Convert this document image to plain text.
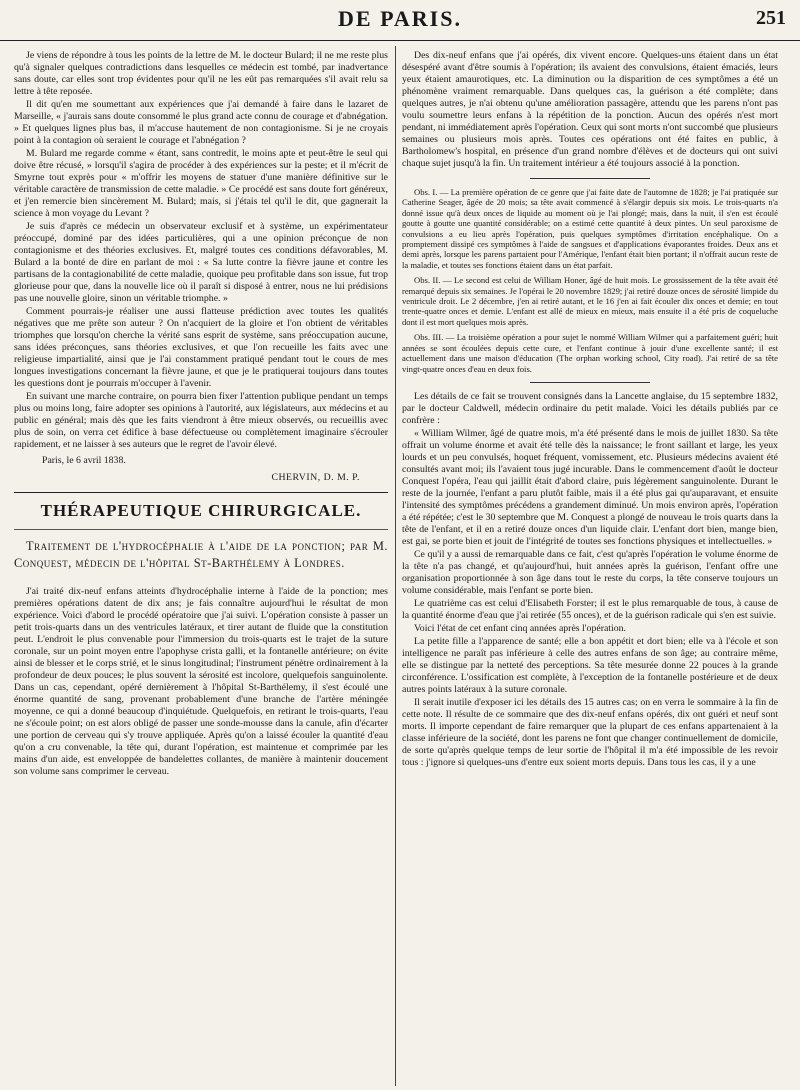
DE PARIS.	251

Je viens de répondre à tous les points de la lettre de M. le docteur Bulard; il ne me reste plus qu'à signaler quelques contradictions dans lesquelles ce médecin est tombé, par inadvertance sans doute, car elles sont trop évidentes pour qu'il ne les eût pas remarquées s'il avait relu sa lettre à tête reposée.

Il dit qu'en me soumettant aux expériences que j'ai demandé à faire dans le lazaret de Marseille, « j'aurais sans doute consommé le plus grand acte connu de courage et d'abnégation. » Et quelques lignes plus bas, il m'accuse hautement de non contagionisme. Si je ne croyais point à la contagion où seraient le courage et l'abnégation ?

M. Bulard me regarde comme « étant, sans contredit, le moins apte et peut-être le seul qui doive être récusé, » lorsqu'il s'agira de procéder à des expériences sur la peste; et il m'écrit de Smyrne tout exprès pour « m'offrir les moyens de statuer d'une manière définitive sur le véritable caractère de transmission de cette maladie. » Ce procédé est sans doute fort généreux, et j'en remercie bien sincèrement M. Bulard; mais, si j'étais tel qu'il le dit, que gagnerait la science à mon voyage du Levant ?

Je suis d'après ce médecin un observateur exclusif et à système, un expérimentateur préoccupé, dominé par des idées particulières, qui a une opinion préconçue de non contagionisme et des théories exclusives. Et, malgré toutes ces conditions défavorables, M. Bulard a la bonté de dire en parlant de moi : « Sa lutte contre la fièvre jaune et contre les partisans de la contagionabilité de cette maladie, quoique peu profitable dans son issue, fut trop glorieuse pour que, dans la nouvelle lice où il paraît si disposé à entrer, nous ne lui prédisions pas une nouvelle gloire, sinon un véritable triomphe. »

Comment pourrais-je réaliser une aussi flatteuse prédiction avec toutes les qualités négatives que me prête son auteur ? On n'acquiert de la gloire et l'on obtient de véritables triomphes que lorsqu'on cherche la vérité sans esprit de système, sans préoccupation aucune, sans idées préconçues, sans théories exclusives, et que l'on recueille les faits avec une religieuse impartialité, ainsi que je l'ai constamment pratiqué pendant tout le cours de mes longues investigations concernant la fièvre jaune, et que je le pratiquerai toujours dans toutes les questions dont je pourrais m'occuper à l'avenir.

En suivant une marche contraire, on pourra bien fixer l'attention publique pendant un temps plus ou moins long, faire adopter ses opinions à l'autorité, aux législateurs, aux médecins et au public en général; mais dès que les faits viendront à être mieux observés, ou recueillis avec plus de soin, on verra cet édifice à base défectueuse ou complètement imaginaire s'écrouler rapidement, et ne laisser à ses auteurs que le regret de l'avoir élevé.

Paris, le 6 avril 1838.
CHERVIN, D. M. P.
THÉRAPEUTIQUE CHIRURGICALE.

Traitement de l'hydrocéphalie à l'aide de la ponction; par M. Conquest, médecin de l'hôpital St-Barthélemy à Londres.

J'ai traité dix-neuf enfans atteints d'hydrocéphalie interne à l'aide de la ponction; mes premières opérations datent de dix ans; je fais connaître aujourd'hui le résultat de mon expérience. Voici d'abord le procédé opératoire que j'ai suivi. L'opération consiste à passer un petit trois-quarts dans un des ventricules latéraux, et tirer autant de fluide que la constitution peut. L'endroit le plus convenable pour l'immersion du trois-quarts est le trajet de la suture coronale, sur un point moyen entre l'apophyse crista galli, et la fontanelle antérieure; on évite ainsi de blesser et le corps strié, et le sinus longitudinal; l'instrument pénètre ordinairement à la profondeur de deux pouces; le plus souvent la sérosité est incolore, quelquefois sanguinolente. Dans un cas, cependant, opéré dernièrement à l'hôpital St-Barthélemy, il s'est écoulé une énorme quantité de sang, provenant probablement d'une branche de l'artère méningée moyenne, ce qui a donné beaucoup d'inquiétude. Quelquefois, en retirant le trois-quarts, l'eau ne s'écoule point; on est alors obligé de passer une sonde-mousse dans la canule, afin d'écarter une portion de cerveau qui s'y trouve appliquée. Après qu'on a laissé écouler la quantité d'eau qu'on a cru convenable, la tête qui, durant l'opération, est maintenue et comprimée par les mains d'un aide, est enveloppée de bandelettes collantes, de manière à maintenir doucement son volume sans comprimer le cerveau.

Des dix-neuf enfans que j'ai opérés, dix vivent encore. Quelques-uns étaient dans un état désespéré avant d'être soumis à l'opération; ils avaient des convulsions, étaient émaciés, leurs yeux étaient amaurotiques, etc. La diminution ou la disparition de ces symptômes a été un phénomène vraiment remarquable. Dans quelques cas, la guérison a été complète; dans quelques autres, je n'ai obtenu qu'une amélioration passagère, attendu que les parens n'ont pas voulu soumettre leurs enfans à la répétition de la ponction. Aucun des opérés n'est mort pendant, ni immédiatement après l'opération. Ceux qui sont morts n'ont succombé que plusieurs semaines ou plusieurs mois après. Toutes ces opérations ont été faites en public, à Bartholomew's hospital, en présence d'un grand nombre d'élèves et de docteurs qui ont suivi chaque sujet jusqu'à la fin. Un traitement intérieur a été toujours associé à la ponction.

Obs. I. — La première opération de ce genre que j'ai faite date de l'automne de 1828; je l'ai pratiquée sur Catherine Seager, âgée de 20 mois; sa tête avait commencé à s'élargir depuis six mois. Le trois-quarts n'a donné issue qu'à deux onces de liquide au moment où je l'ai plongé; mais, dans la nuit, il s'en est écoulé goutte à goutte une quantité considérable; on a estimé cette quantité à deux pintes. Un seul paroxisme de convulsions a eu lieu après l'opération, puis quelques symptômes d'irritation encéphalique. On a promptement dissipé ces symptômes à l'aide de sangsues et d'applications évaporantes froides. Deux ans et demi après, lorsque les parens partaient pour l'Amérique, l'enfant était bien portant; il n'offrait aucun reste de la maladie, et toutes ses fonctions étaient dans un état parfait.

Obs. II. — Le second est celui de William Honer, âgé de huit mois. Le grossissement de la tête avait été remarqué depuis six semaines. Je l'opérai le 20 novembre 1829; j'ai retiré douze onces de sérosité limpide du ventricule droit. Le 2 décembre, j'en ai retiré autant, et le 16 j'en ai fait écouler dix onces et demie; en tout trente-quatre onces et demie. L'enfant est allé de mieux en mieux, mais ensuite il a été pris de coqueluche dont il est mort quelques mois après.

Obs. III. — La troisième opération a pour sujet le nommé William Wilmer qui a parfaitement guéri; huit années se sont écoulées depuis cette cure, et l'enfant continue à jouir d'une excellente santé; il est actuellement dans une maison d'éducation (The orphan working school, City road). J'ai retiré de sa tête vingt-quatre onces d'eau en deux fois.

Les détails de ce fait se trouvent consignés dans la Lancette anglaise, du 15 septembre 1832, par le docteur Caldwell, médecin ordinaire du petit malade. Voici les détails publiés par ce confrère :

« William Wilmer, âgé de quatre mois, m'a été présenté dans le mois de juillet 1830. Sa tête offrait un volume énorme et avait été telle dès la naissance; le front saillant et large, les yeux lourds et un peu convulsés, hoquet fréquent, vomissement, etc. Plusieurs médecins avaient été consultés avant moi; ils l'avaient tous jugé incurable. Dans le commencement d'août le docteur Conquest l'opéra, l'eau qui jaillit était d'abord claire, puis légèrement sanguinolente. Durant le reste de la journée, l'enfant a paru plutôt faible, mais il a été plus gai qu'auparavant, et ensuite l'intensité des symptômes précédens a grandement diminué. Un mois environ après, l'opération a été répétée; c'est le 30 septembre que M. Conquest a plongé de nouveau le trois quarts dans la tête de l'enfant, et il en a retiré douze onces d'un liquide clair. L'enfant dort bien, mange bien, est gai, se porte bien et jouit de l'intégrité de toutes ses fonctions physiques et intellectuelles. »

Ce qu'il y a aussi de remarquable dans ce fait, c'est qu'après l'opération le volume énorme de la tête n'a pas changé, et qu'aujourd'hui, huit années après la guérison, l'enfant offre une organisation proportionnée à son âge dans tout le reste du corps, la tête conserve toujours un volume considérable, mais l'enfant se porte bien.

Le quatrième cas est celui d'Elisabeth Forster; il est le plus remarquable de tous, à cause de la quantité énorme d'eau que j'ai retirée (55 onces), et de la guérison radicale qui s'en est suivie.

Voici l'état de cet enfant cinq années après l'opération.

La petite fille a l'apparence de santé; elle a bon appétit et dort bien; elle va à l'école et son intelligence ne paraît pas inférieure à celle des autres enfans de son âge; au contraire même, elle se distingue par la netteté des perceptions. Sa tête mesurée donne 22 pouces à la grande circonférence. L'ossification est complète, à l'exception de la fontanelle postérieure et de deux autres points latéraux à la suture coronale.

Il serait inutile d'exposer ici les détails des 15 autres cas; on en verra le sommaire à la fin de cette note. Il résulte de ce sommaire que des dix-neuf enfans opérés, dix ont guéri et neuf sont morts. Il importe cependant de faire remarquer que la plupart de ces enfans appartenaient à la classe inférieure de la société, dont les parens ne font que changer continuellement de domicile, de sorte qu'après quelque temps de leur sortie de l'hôpital il m'a été impossible de les revoir tous : j'ignore si quelques-uns d'entre eux soient morts depuis. Dans tous les cas, il y a une
